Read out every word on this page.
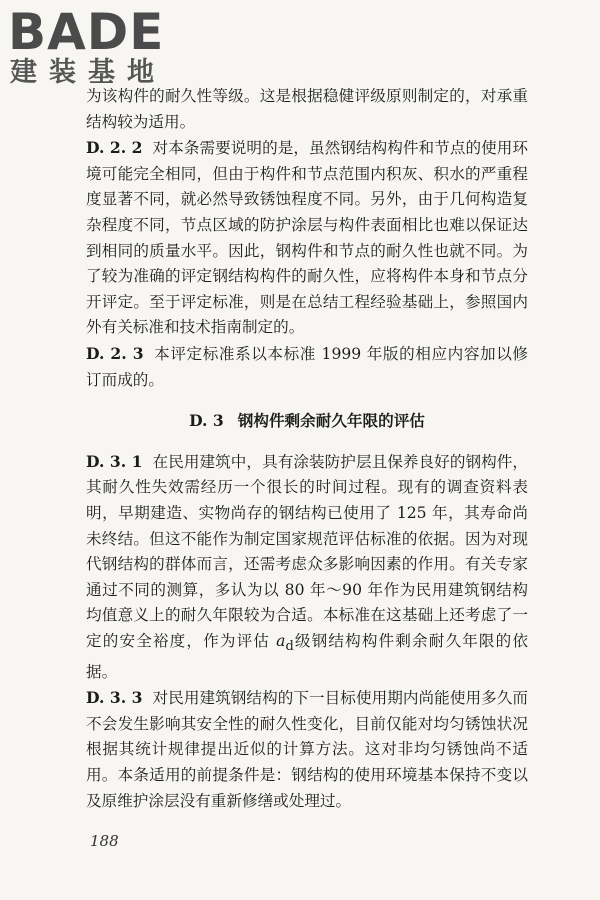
BADE
建装基地

为该构件的耐久性等级。这是根据稳健评级原则制定的，对承重结构较为适用。

D. 2. 2 对本条需要说明的是，虽然钢结构构件和节点的使用环境可能完全相同，但由于构件和节点范围内积灰、积水的严重程度显著不同，就必然导致锈蚀程度不同。另外，由于几何构造复杂程度不同，节点区域的防护涂层与构件表面相比也难以保证达到相同的质量水平。因此，钢构件和节点的耐久性也就不同。为了较为准确的评定钢结构构件的耐久性，应将构件本身和节点分开评定。至于评定标准，则是在总结工程经验基础上，参照国内外有关标准和技术指南制定的。

D. 2. 3 本评定标准系以本标准 1999 年版的相应内容加以修订而成的。

D. 3 钢构件剩余耐久年限的评估

D. 3. 1 在民用建筑中，具有涂装防护层且保养良好的钢构件，其耐久性失效需经历一个很长的时间过程。现有的调查资料表明，早期建造、实物尚存的钢结构已使用了 125 年，其寿命尚未终结。但这不能作为制定国家规范评估标准的依据。因为对现代钢结构的群体而言，还需考虑众多影响因素的作用。有关专家通过不同的测算，多认为以 80 年～90 年作为民用建筑钢结构均值意义上的耐久年限较为合适。本标准在这基础上还考虑了一定的安全裕度，作为评估 $a_d$级钢结构构件剩余耐久年限的依据。

D. 3. 3 对民用建筑钢结构的下一目标使用期内尚能使用多久而不会发生影响其安全性的耐久性变化，目前仅能对均匀锈蚀状况根据其统计规律提出近似的计算方法。这对非均匀锈蚀尚不适用。本条适用的前提条件是：钢结构的使用环境基本保持不变以及原维护涂层没有重新修缮或处理过。

188
